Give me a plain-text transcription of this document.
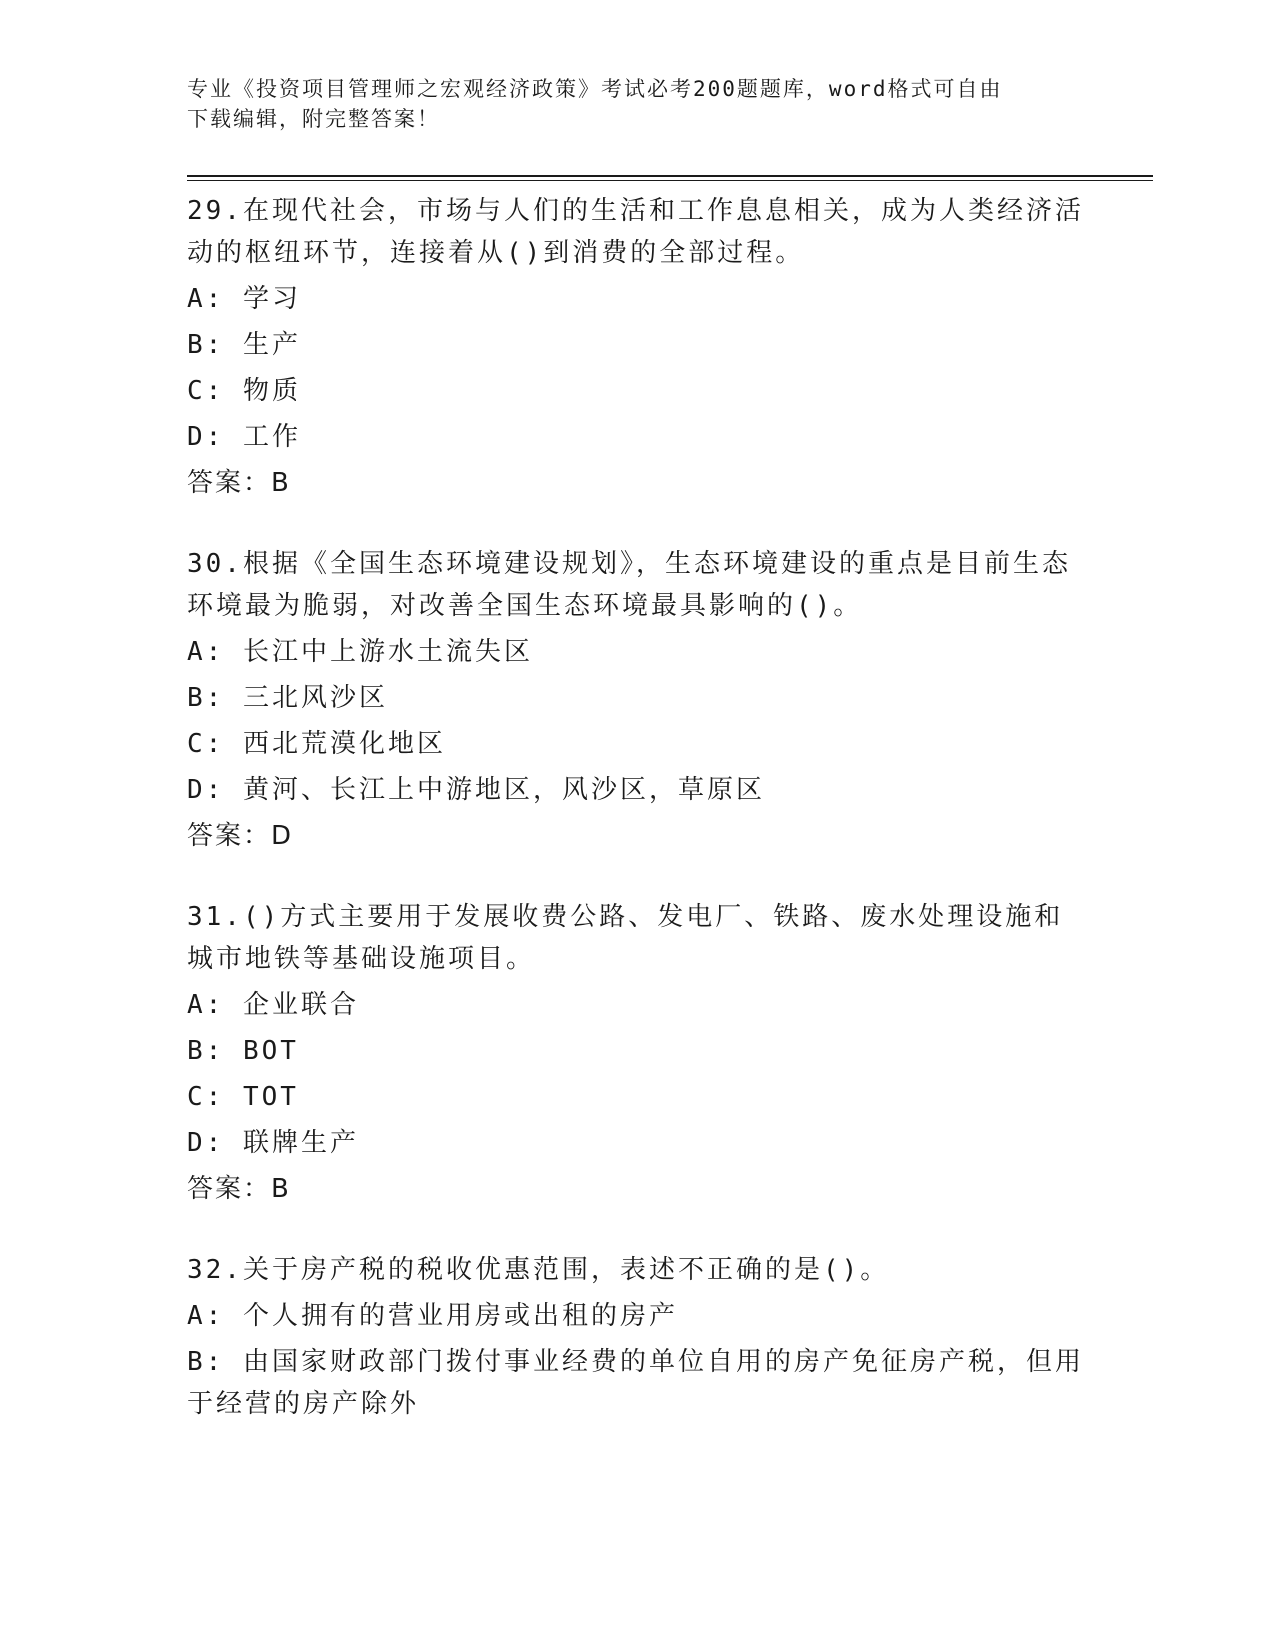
专业《投资项目管理师之宏观经济政策》考试必考200题题库，word格式可自由
下载编辑，附完整答案！
29.在现代社会，市场与人们的生活和工作息息相关，成为人类经济活动的枢纽环节，连接着从()到消费的全部过程。
A: 学习
B: 生产
C: 物质
D: 工作
答案：B
30.根据《全国生态环境建设规划》，生态环境建设的重点是目前生态环境最为脆弱，对改善全国生态环境最具影响的()。
A: 长江中上游水土流失区
B: 三北风沙区
C: 西北荒漠化地区
D: 黄河、长江上中游地区，风沙区，草原区
答案：D
31.()方式主要用于发展收费公路、发电厂、铁路、废水处理设施和城市地铁等基础设施项目。
A: 企业联合
B: BOT
C: TOT
D: 联牌生产
答案：B
32.关于房产税的税收优惠范围，表述不正确的是()。
A: 个人拥有的营业用房或出租的房产
B: 由国家财政部门拨付事业经费的单位自用的房产免征房产税，但用于经营的房产除外
